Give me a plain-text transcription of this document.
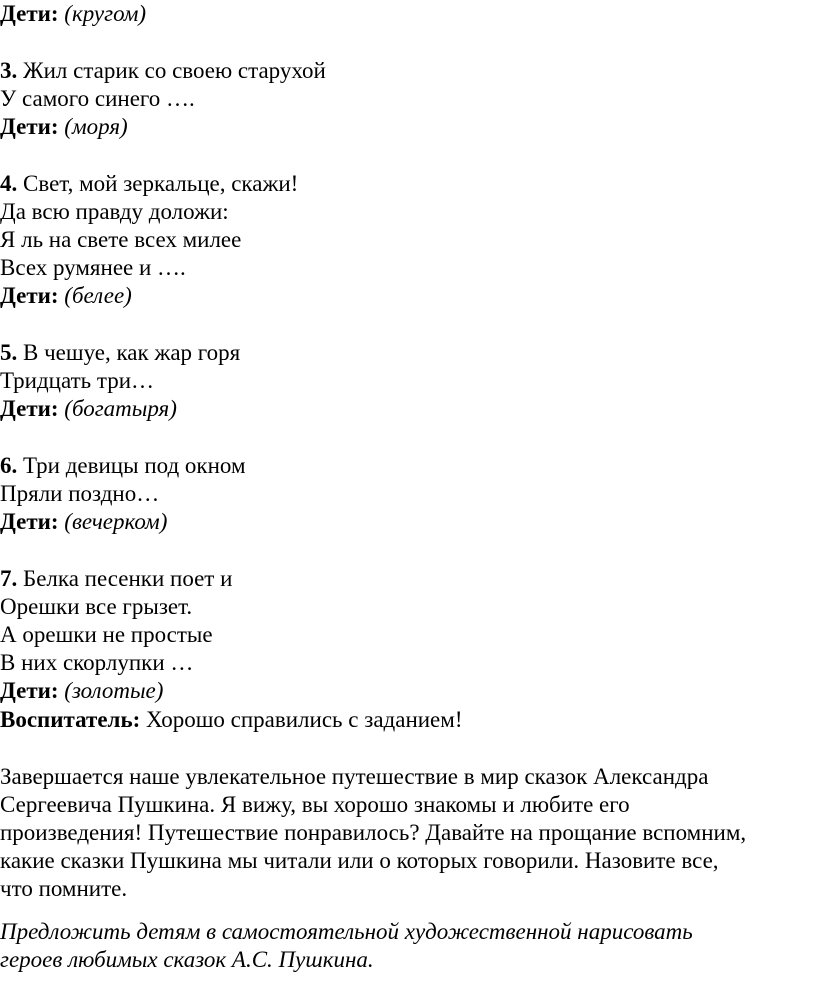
Дети: (кругом)
3. Жил старик со своею старухой
У самого синего ….
Дети: (моря)
4. Свет, мой зеркальце, скажи!
Да всю правду доложи:
Я ль на свете всех милее
Всех румянее и ….
Дети: (белее)
5. В чешуе, как жар горя
Тридцать три…
Дети: (богатыря)
6. Три девицы под окном
Пряли поздно…
Дети: (вечерком)
7. Белка песенки поет и
Орешки все грызет.
А орешки не простые
В них скорлупки …
Дети: (золотые)
Воспитатель: Хорошо справились с заданием!
Завершается наше увлекательное путешествие в мир сказок Александра
Сергеевича Пушкина. Я вижу, вы хорошо знакомы и любите его
произведения! Путешествие понравилось? Давайте на прощание вспомним,
какие сказки Пушкина мы читали или о которых говорили. Назовите все,
что помните.
Предложить детям в самостоятельной художественной нарисовать
героев любимых сказок А.С. Пушкина.
